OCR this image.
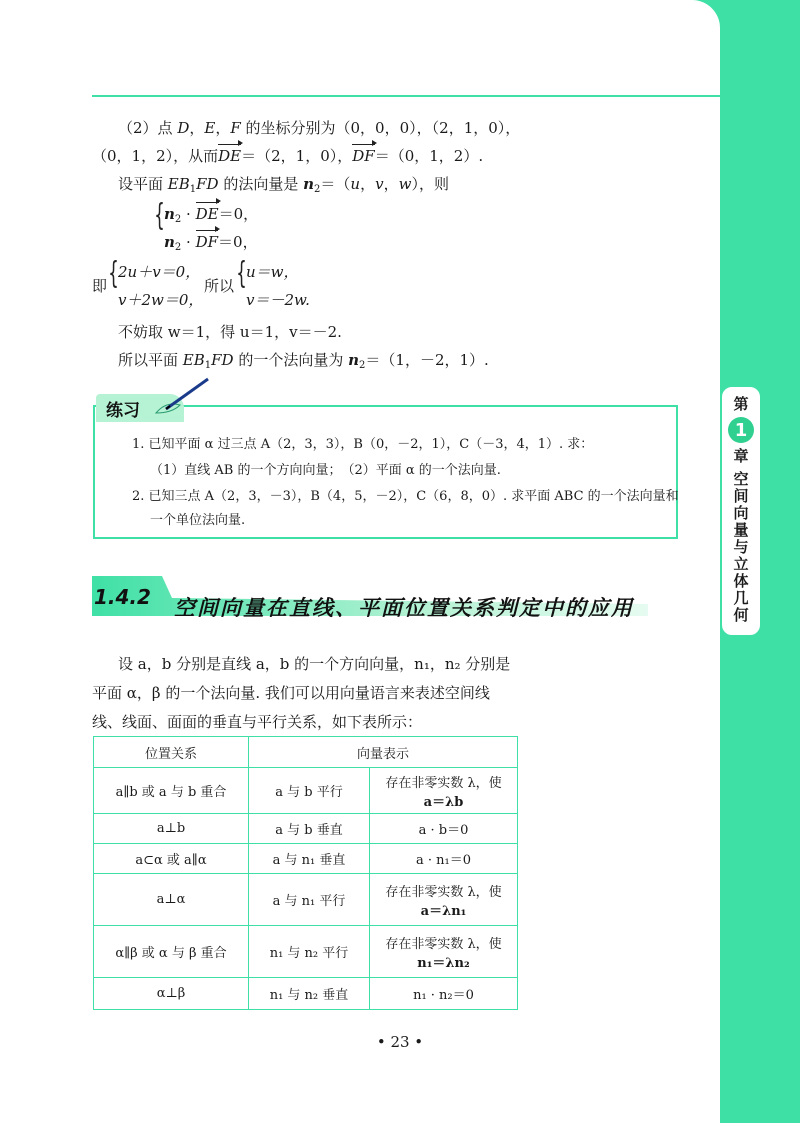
第
1
章
空间向量与立体几何
（2）点 D，E，F 的坐标分别为（0，0，0），（2，1，0），
（0，1，2），从而DE＝（2，1，0），DF＝（0，1，2）.
设平面 $EB_1FD$ 的法向量是 $n_2=(u$，v，w），则
{ $n_2 \cdot DE=0$，
$n_2 \cdot DF=0$，
即 { 2u＋v＝0，
v＋2w＝0，
所以 { u＝w，
v＝－2w.
不妨取 w＝1，得 u＝1，v＝－2.
所以平面 $EB_1FD$ 的一个法向量为 $n_2=(1$，－2，1）.
练习
1. 已知平面 α 过三点 A（2，3，3），B（0，－2，1），C（－3，4，1）. 求：
（1）直线 AB 的一个方向向量；　（2）平面 α 的一个法向量.
2. 已知三点 A（2，3，－3），B（4，5，－2），C（6，8，0）. 求平面 ABC 的一个法向量和
一个单位法向量.
1.4.2 空间向量在直线、平面位置关系判定中的应用
设 a，b 分别是直线 a，b 的一个方向向量，n₁，n₂ 分别是
平面 α，β 的一个法向量. 我们可以用向量语言来表述空间线
线、线面、面面的垂直与平行关系，如下表所示：
位置关系	向量表示	
a∥b 或 a 与 b 重合	a 与 b 平行	存在非零实数 λ，使
a＝λb

a⊥b	a 与 b 垂直	a · b＝0
a⊂α 或 a∥α	a 与 n₁ 垂直	a · n₁＝0
a⊥α	a 与 n₁ 平行	存在非零实数 λ，使
a＝λn₁

α∥β 或 α 与 β 重合	n₁ 与 n₂ 平行	存在非零实数 λ，使
n₁＝λn₂

α⊥β	n₁ 与 n₂ 垂直	n₁ · n₂＝0
• 23 •
